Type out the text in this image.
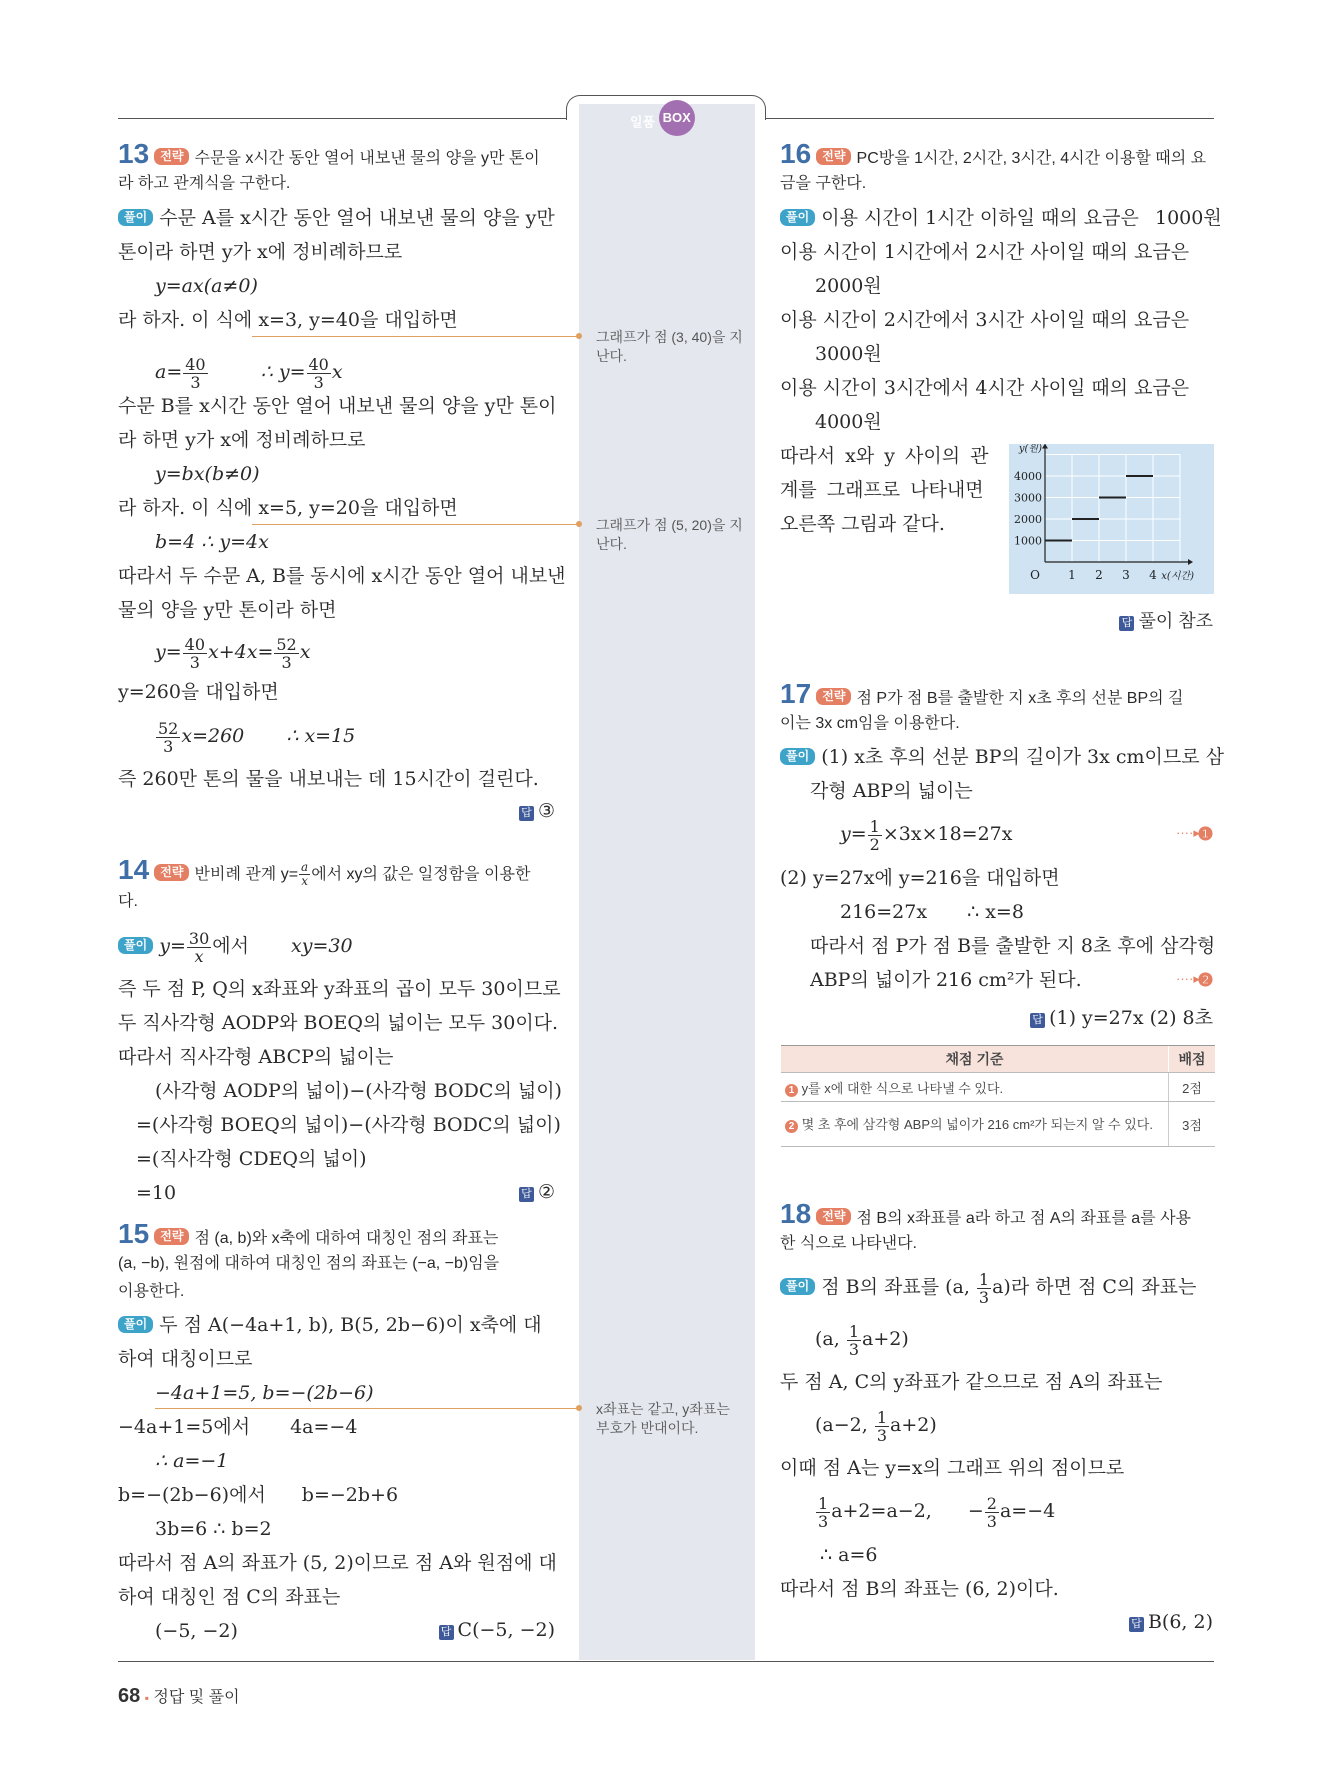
일품 BOX
13 전략 수문을 x시간 동안 열어 내보낸 물의 양을 y만 톤이
라 하고 관계식을 구한다.
풀이 수문 A를 x시간 동안 열어 내보낸 물의 양을 y만
톤이라 하면 y가 x에 정비례하므로
y=ax(a≠0)
라 하자. 이 식에 x=3, y=40을 대입하면
그래프가 점 (3, 40)을 지난다.
$a= \frac{40}{3}$	∴ $y= \frac{40}{3}$ x
수문 B를 x시간 동안 열어 내보낸 물의 양을 y만 톤이
라 하면 y가 x에 정비례하므로
y=bx(b≠0)
라 하자. 이 식에 x=5, y=20을 대입하면
그래프가 점 (5, 20)을 지난다.
b=4 ∴ y=4x
따라서 두 수문 A, B를 동시에 x시간 동안 열어 내보낸
물의 양을 y만 톤이라 하면
$y= \frac{40}{3} x+4x= \frac{52}{3}$ x
y=260을 대입하면
$\frac{52}{3} x=260$ ∴ x=15
즉 260만 톤의 물을 내보내는 데 15시간이 걸린다.
답 ③
14 전략 반비례 관계 $y= \frac{a}{x}$ 에서 xy의 값은 일정함을 이용한
다.
풀이 $y= \frac{30}{x}$ 에서 xy=30
즉 두 점 P, Q의 x좌표와 y좌표의 곱이 모두 30이므로
두 직사각형 AODP와 BOEQ의 넓이는 모두 30이다.
따라서 직사각형 ABCP의 넓이는
(사각형 AODP의 넓이)−(사각형 BODC의 넓이)
=(사각형 BOEQ의 넓이)−(사각형 BODC의 넓이)
=(직사각형 CDEQ의 넓이)
=10	답 ②
15 전략 점 (a, b)와 x축에 대하여 대칭인 점의 좌표는
(a, −b), 원점에 대하여 대칭인 점의 좌표는 (−a, −b)임을
이용한다.
풀이 두 점 A(−4a+1, b), B(5, 2b−6)이 x축에 대
하여 대칭이므로
−4a+1=5, b=−(2b−6)
x좌표는 같고, y좌표는 부호가 반대이다.
−4a+1=5에서 4a=−4
∴ a=−1
b=−(2b−6)에서 b=−2b+6
3b=6 ∴ b=2
따라서 점 A의 좌표가 (5, 2)이므로 점 A와 원점에 대
하여 대칭인 점 C의 좌표는
(−5, −2)	답 C(−5, −2)
16 전략 PC방을 1시간, 2시간, 3시간, 4시간 이용할 때의 요
금을 구한다.
풀이 이용 시간이 1시간 이하일 때의 요금은 1000원
이용 시간이 1시간에서 2시간 사이일 때의 요금은
2000원
이용 시간이 2시간에서 3시간 사이일 때의 요금은
3000원
이용 시간이 3시간에서 4시간 사이일 때의 요금은
4000원
따라서 x와 y 사이의 관
계를 그래프로 나타내면
오른쪽 그림과 같다.
1 2 3 4
1000
2000
3000
4000
O
y(원)
x(시간)
답 풀이 참조
17 전략 점 P가 점 B를 출발한 지 x초 후의 선분 BP의 길
이는 3x cm임을 이용한다.
풀이 (1) x초 후의 선분 BP의 길이가 3x cm이므로 삼
각형 ABP의 넓이는
$y= \frac{1}{2} \times 3x\times 18=27x$	····▸
❶
(2) y=27x에 y=216을 대입하면
216=27x ∴ x=8
따라서 점 P가 점 B를 출발한 지 8초 후에 삼각형
ABP의 넓이가 216 cm²가 된다.	····▸
❷
답 (1) y=27x (2) 8초
채점 기준	배점
1 y를 x에 대한 식으로 나타낼 수 있다.	2점
2 몇 초 후에 삼각형 ABP의 넓이가 216 cm²가 되는지 알 수 있다.	3점
18 전략 점 B의 x좌표를 a라 하고 점 A의 좌표를 a를 사용
한 식으로 나타낸다.
풀이 점 B의 좌표를 (a, $\frac{1}{3} a$)라 하면 점 C의 좌표는
(a, $\frac{1}{3} a+2$)
두 점 A, C의 y좌표가 같으므로 점 A의 좌표는
(a−2, $\frac{1}{3} a+2$)
이때 점 A는 y=x의 그래프 위의 점이므로
$\frac{1}{3} a+2=a-2$, − $\frac{2}{3} a=-4$
∴ a=6
따라서 점 B의 좌표는 (6, 2)이다.
답 B(6, 2)
68 ▪ 정답 및 풀이
